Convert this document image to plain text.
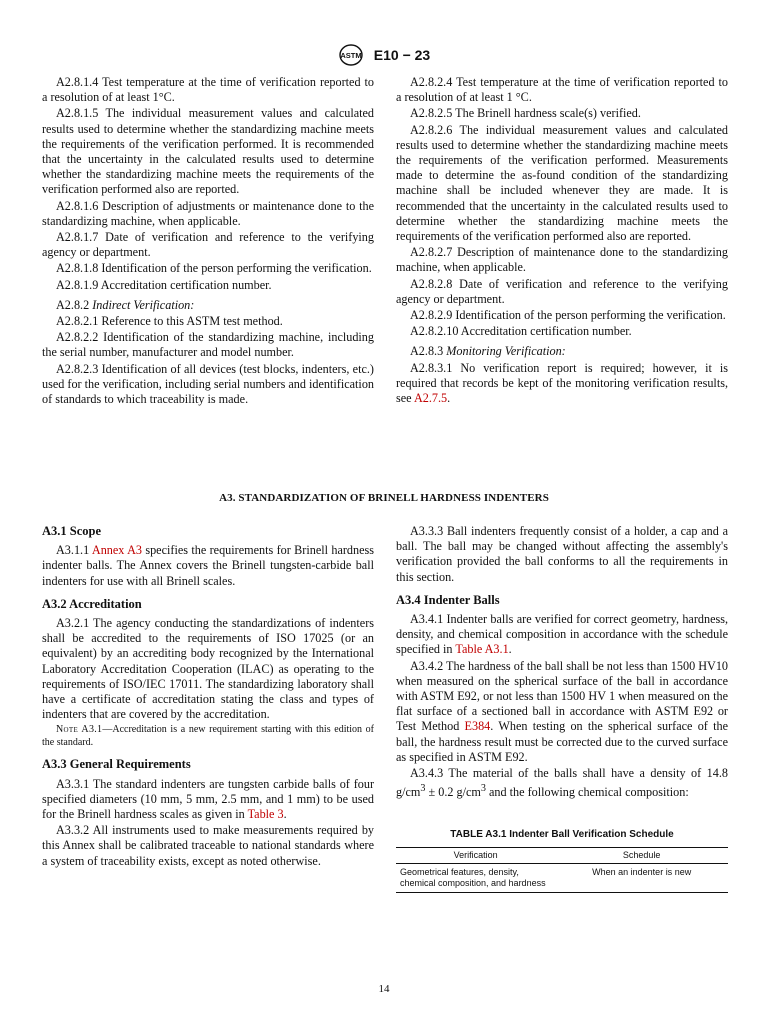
ASTM E10 − 23

A2.8.1.4 Test temperature at the time of verification reported to a resolution of at least 1°C.

A2.8.1.5 The individual measurement values and calculated results used to determine whether the standardizing machine meets the requirements of the verification performed. It is recommended that the uncertainty in the calculated results used to determine whether the standardizing machine meets the requirements of the verification performed also are reported.

A2.8.1.6 Description of adjustments or maintenance done to the standardizing machine, when applicable.

A2.8.1.7 Date of verification and reference to the verifying agency or department.

A2.8.1.8 Identification of the person performing the verification.

A2.8.1.9 Accreditation certification number.

A2.8.2 Indirect Verification:

A2.8.2.1 Reference to this ASTM test method.

A2.8.2.2 Identification of the standardizing machine, including the serial number, manufacturer and model number.

A2.8.2.3 Identification of all devices (test blocks, indenters, etc.) used for the verification, including serial numbers and identification of standards to which traceability is made.

A2.8.2.4 Test temperature at the time of verification reported to a resolution of at least 1 °C.

A2.8.2.5 The Brinell hardness scale(s) verified.

A2.8.2.6 The individual measurement values and calculated results used to determine whether the standardizing machine meets the requirements of the verification performed. Measurements made to determine the as-found condition of the standardizing machine shall be included whenever they are made. It is recommended that the uncertainty in the calculated results used to determine whether the standardizing machine meets the requirements of the verification performed also are reported.

A2.8.2.7 Description of maintenance done to the standardizing machine, when applicable.

A2.8.2.8 Date of verification and reference to the verifying agency or department.

A2.8.2.9 Identification of the person performing the verification.

A2.8.2.10 Accreditation certification number.

A2.8.3 Monitoring Verification:

A2.8.3.1 No verification report is required; however, it is required that records be kept of the monitoring verification results, see A2.7.5.

A3. STANDARDIZATION OF BRINELL HARDNESS INDENTERS
A3.1 Scope

A3.1.1 Annex A3 specifies the requirements for Brinell hardness indenter balls. The Annex covers the Brinell tungsten-carbide ball indenters for use with all Brinell scales.

A3.2 Accreditation

A3.2.1 The agency conducting the standardizations of indenters shall be accredited to the requirements of ISO 17025 (or an equivalent) by an accrediting body recognized by the International Laboratory Accreditation Cooperation (ILAC) as operating to the requirements of ISO/IEC 17011. The standardizing laboratory shall have a certificate of accreditation stating the class and types of indenters that are covered by the accreditation.

Note A3.1—Accreditation is a new requirement starting with this edition of the standard.

A3.3 General Requirements

A3.3.1 The standard indenters are tungsten carbide balls of four specified diameters (10 mm, 5 mm, 2.5 mm, and 1 mm) to be used for the Brinell hardness scales as given in Table 3.

A3.3.2 All instruments used to make measurements required by this Annex shall be calibrated traceable to national standards where a system of traceability exists, except as noted otherwise.

A3.3.3 Ball indenters frequently consist of a holder, a cap and a ball. The ball may be changed without affecting the assembly's verification provided the ball conforms to all the requirements in this section.

A3.4 Indenter Balls

A3.4.1 Indenter balls are verified for correct geometry, hardness, density, and chemical composition in accordance with the schedule specified in Table A3.1.

A3.4.2 The hardness of the ball shall be not less than 1500 HV10 when measured on the spherical surface of the ball in accordance with ASTM E92, or not less than 1500 HV 1 when measured on the flat surface of a sectioned ball in accordance with ASTM E92 or Test Method E384. When testing on the spherical surface of the ball, the hardness result must be corrected due to the curved surface as specified in ASTM E92.

A3.4.3 The material of the balls shall have a density of 14.8 $g/cm^3 \pm 0.2$ $g/cm^3$ and the following chemical composition:

TABLE A3.1 Indenter Ball Verification Schedule
Verification	Schedule
Geometrical features, density, chemical composition, and hardness	When an indenter is new
14
